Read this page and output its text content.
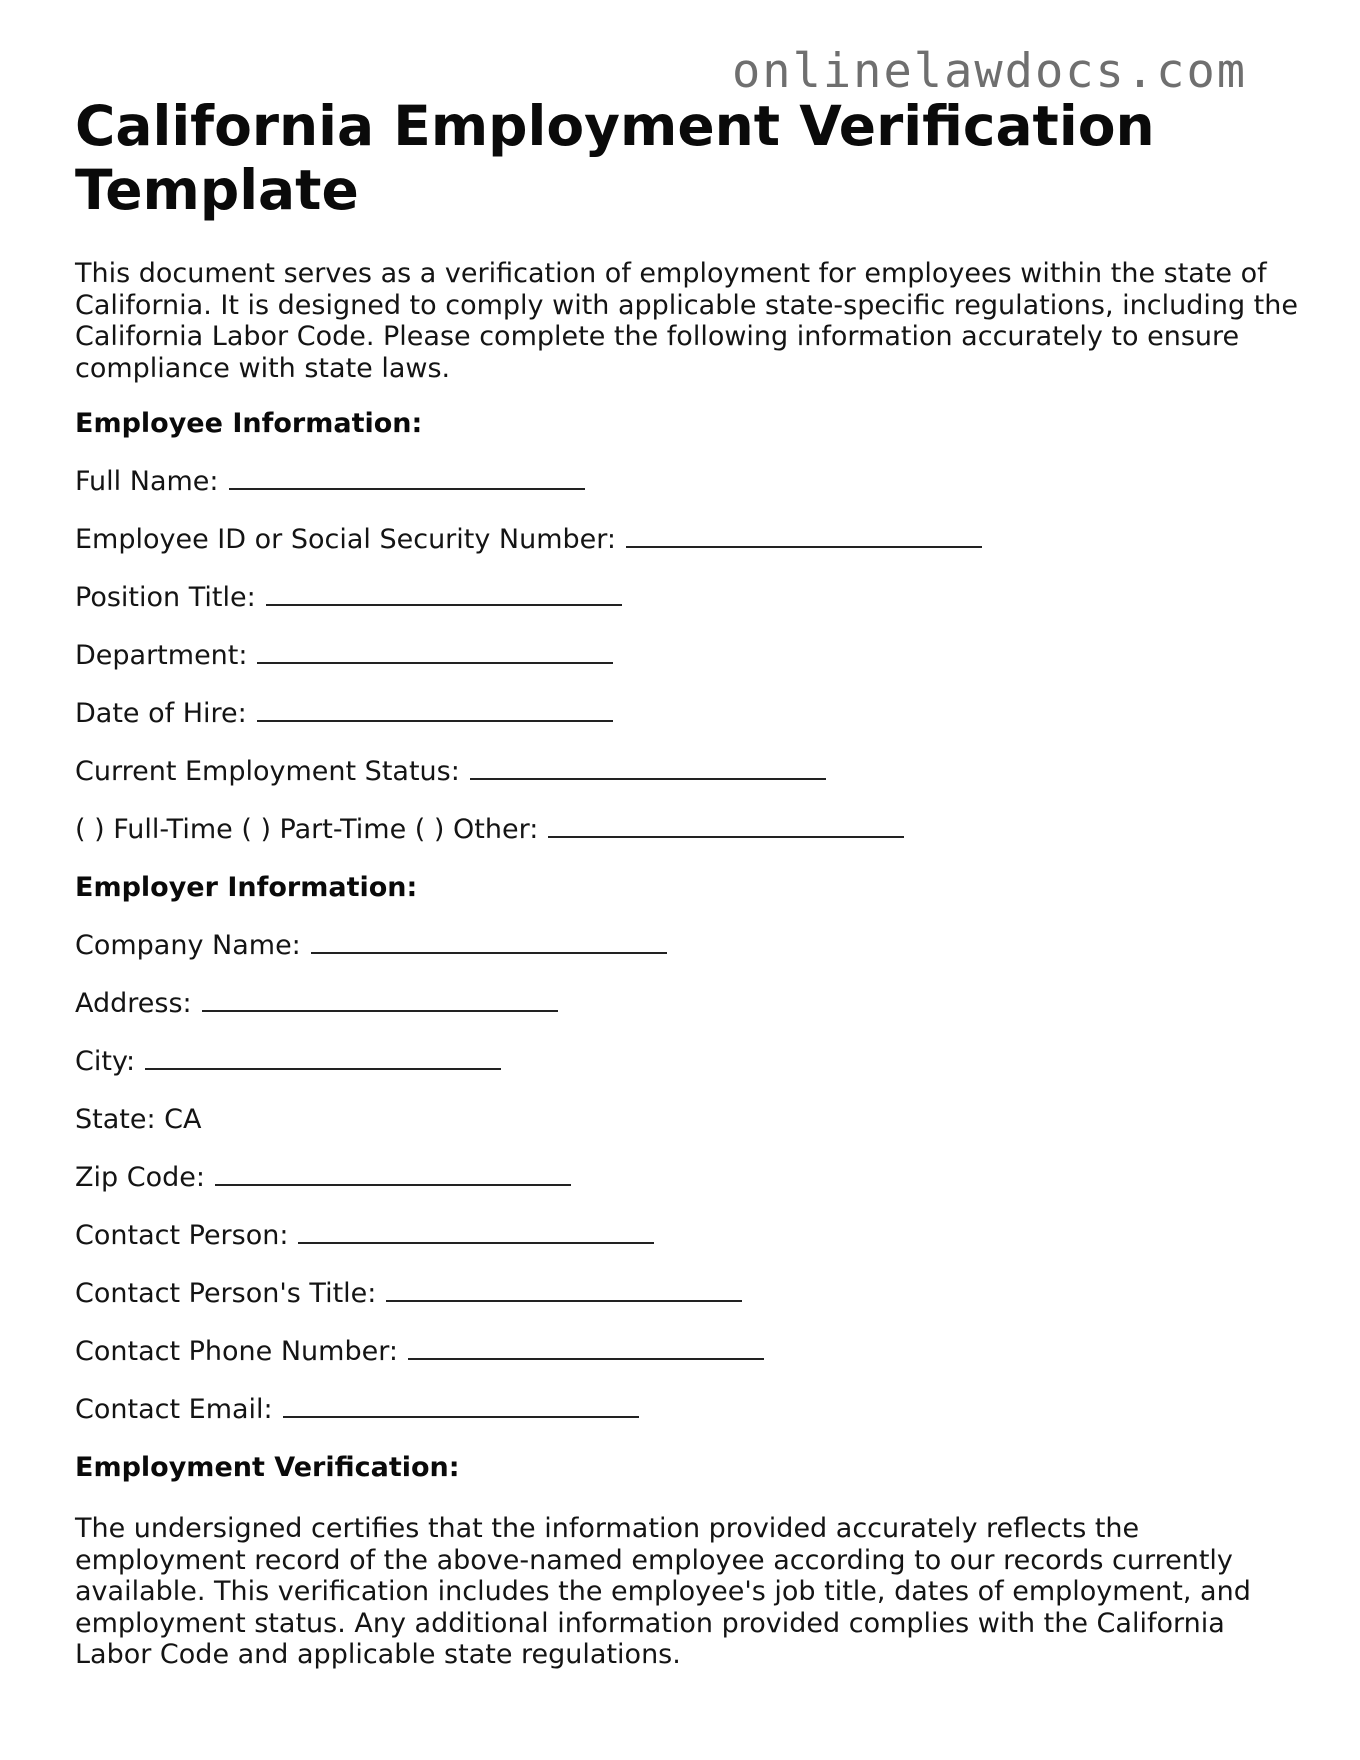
onlinelawdocs.com
California Employment Verification Template

This document serves as a verification of employment for employees within the state of California. It is designed to comply with applicable state-specific regulations, including the California Labor Code. Please complete the following information accurately to ensure compliance with state laws.

Employee Information:

Full Name:

Employee ID or Social Security Number:

Position Title:

Department:

Date of Hire:

Current Employment Status:

( ) Full-Time ( ) Part-Time ( ) Other:

Employer Information:

Company Name:

Address:

City:

State: CA

Zip Code:

Contact Person:

Contact Person's Title:

Contact Phone Number:

Contact Email:

Employment Verification:

The undersigned certifies that the information provided accurately reflects the employment record of the above-named employee according to our records currently available. This verification includes the employee's job title, dates of employment, and employment status. Any additional information provided complies with the California Labor Code and applicable state regulations.
